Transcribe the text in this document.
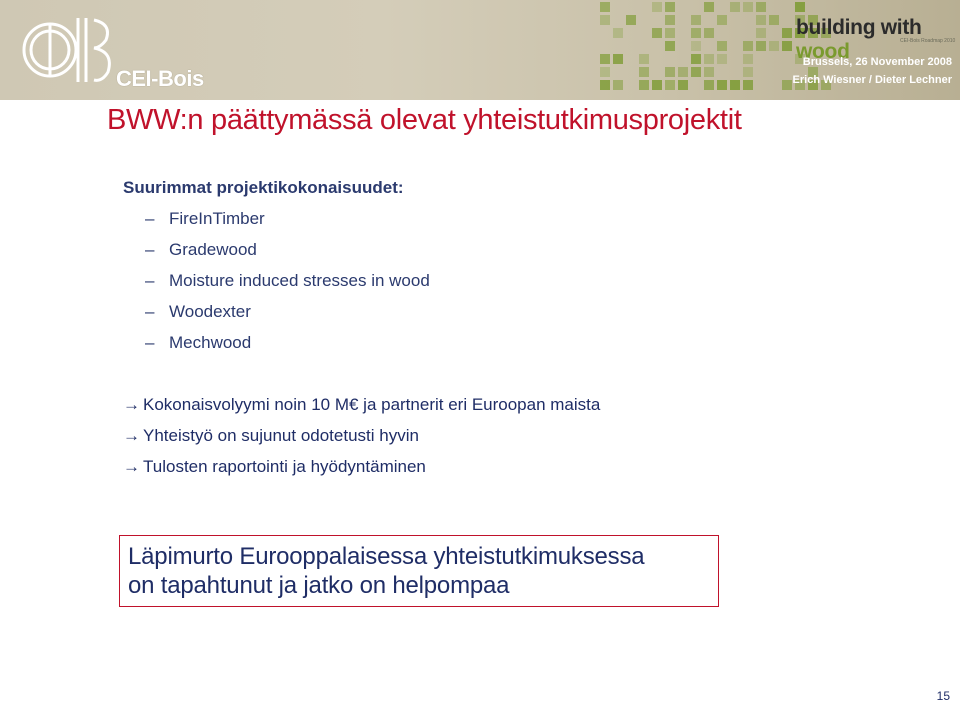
CEI-Bois
building with wood	CEI-Bois Roadmap 2010
Brussels, 26 November 2008
Erich Wiesner / Dieter Lechner
BWW:n päättymässä olevat yhteistutkimusprojektit
Suurimmat projektikokonaisuudet:
– FireInTimber
– Gradewood
– Moisture induced stresses in wood
– Woodexter
– Mechwood
→ Kokonaisvolyymi noin 10 M€ ja partnerit eri Euroopan maista
→ Yhteistyö on sujunut odotetusti hyvin
→ Tulosten raportointi ja hyödyntäminen
Läpimurto Eurooppalaisessa yhteistutkimuksessa
on tapahtunut ja jatko on helpompaa
15
